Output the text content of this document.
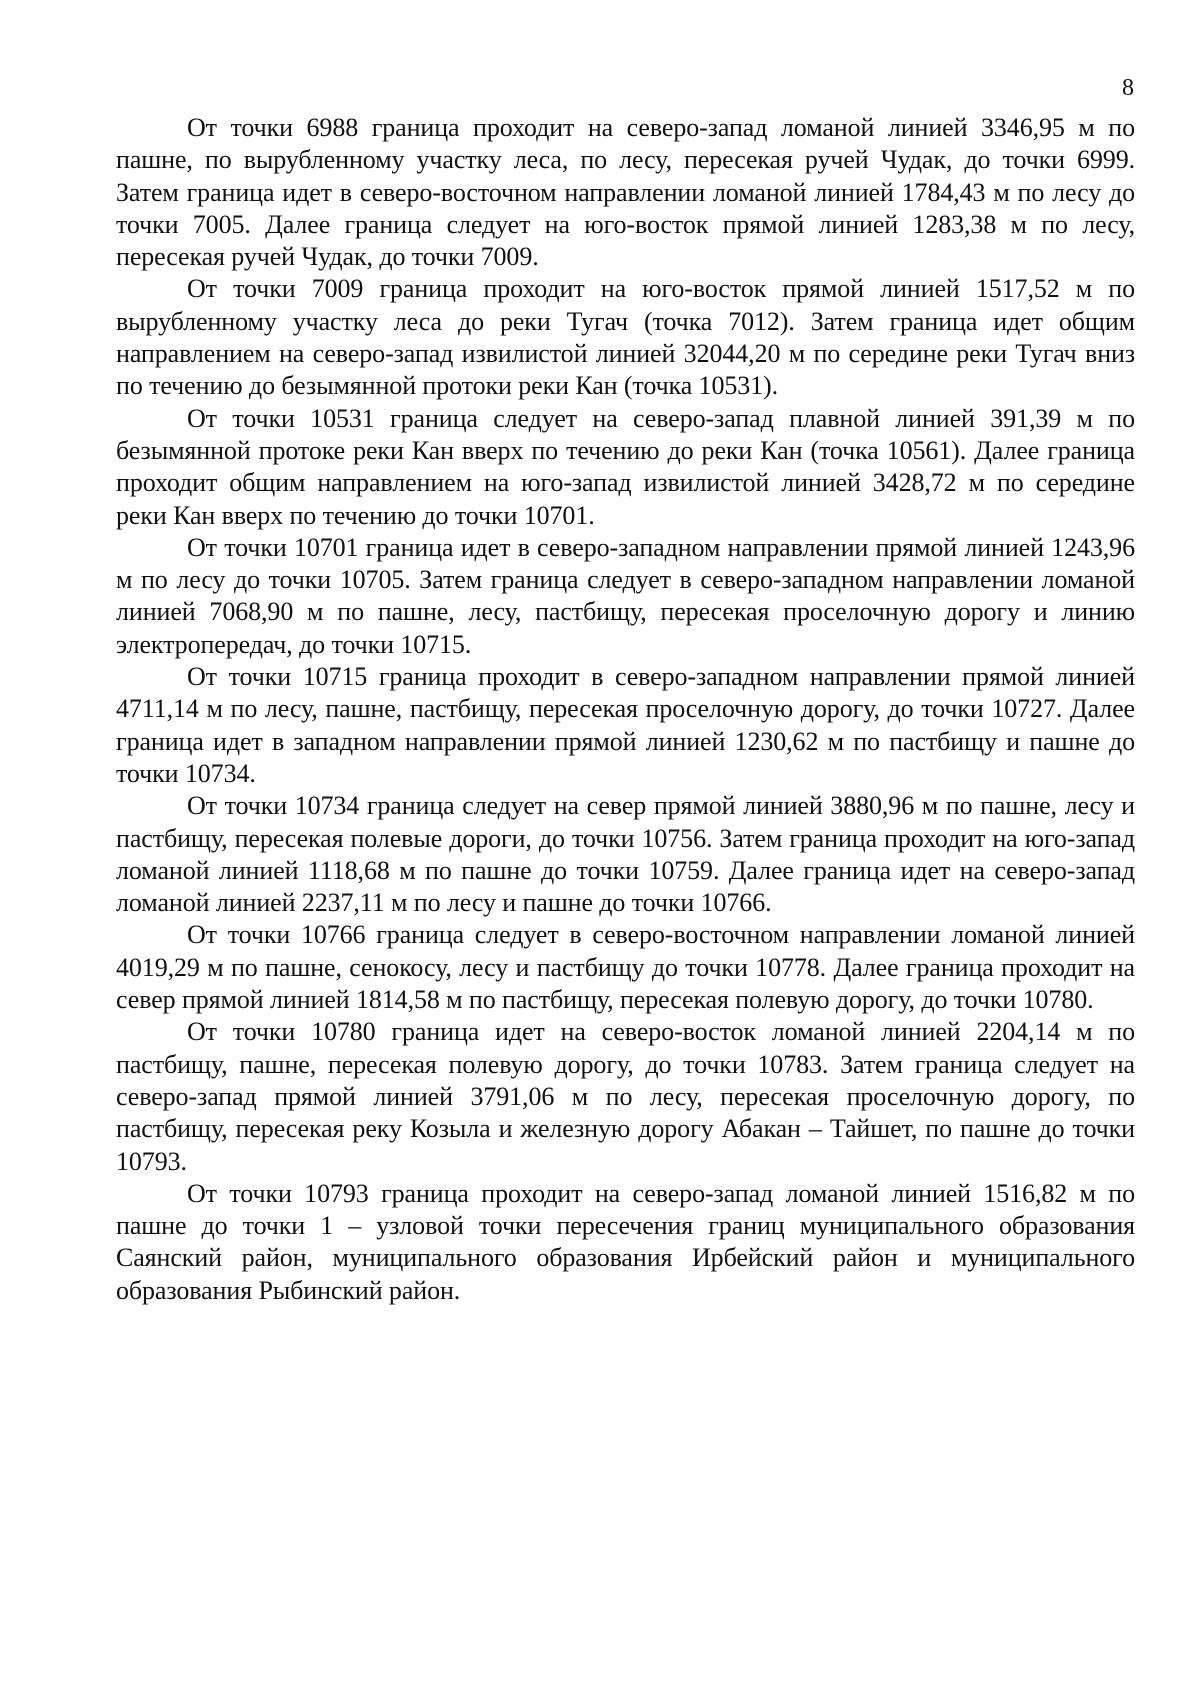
8

От точки 6988 граница проходит на северо-запад ломаной линией 3346,95 м по пашне, по вырубленному участку леса, по лесу, пересекая ручей Чудак, до точки 6999. Затем граница идет в северо-восточном направлении ломаной линией 1784,43 м по лесу до точки 7005. Далее граница следует на юго-восток прямой линией 1283,38 м по лесу, пересекая ручей Чудак, до точки 7009.

От точки 7009 граница проходит на юго-восток прямой линией 1517,52 м по вырубленному участку леса до реки Тугач (точка 7012). Затем граница идет общим направлением на северо-запад извилистой линией 32044,20 м по середине реки Тугач вниз по течению до безымянной протоки реки Кан (точка 10531).

От точки 10531 граница следует на северо-запад плавной линией 391,39 м по безымянной протоке реки Кан вверх по течению до реки Кан (точка 10561). Далее граница проходит общим направлением на юго-запад извилистой линией 3428,72 м по середине реки Кан вверх по течению до точки 10701.

От точки 10701 граница идет в северо-западном направлении прямой линией 1243,96 м по лесу до точки 10705. Затем граница следует в северо-западном направлении ломаной линией 7068,90 м по пашне, лесу, пастбищу, пересекая проселочную дорогу и линию электропередач, до точки 10715.

От точки 10715 граница проходит в северо-западном направлении прямой линией 4711,14 м по лесу, пашне, пастбищу, пересекая проселочную дорогу, до точки 10727. Далее граница идет в западном направлении прямой линией 1230,62 м по пастбищу и пашне до точки 10734.

От точки 10734 граница следует на север прямой линией 3880,96 м по пашне, лесу и пастбищу, пересекая полевые дороги, до точки 10756. Затем граница проходит на юго-запад ломаной линией 1118,68 м по пашне до точки 10759. Далее граница идет на северо-запад ломаной линией 2237,11 м по лесу и пашне до точки 10766.

От точки 10766 граница следует в северо-восточном направлении ломаной линией 4019,29 м по пашне, сенокосу, лесу и пастбищу до точки 10778. Далее граница проходит на север прямой линией 1814,58 м по пастбищу, пересекая полевую дорогу, до точки 10780.

От точки 10780 граница идет на северо-восток ломаной линией 2204,14 м по пастбищу, пашне, пересекая полевую дорогу, до точки 10783. Затем граница следует на северо-запад прямой линией 3791,06 м по лесу, пересекая проселочную дорогу, по пастбищу, пересекая реку Козыла и железную дорогу Абакан – Тайшет, по пашне до точки 10793.

От точки 10793 граница проходит на северо-запад ломаной линией 1516,82 м по пашне до точки 1 – узловой точки пересечения границ муниципального образования Саянский район, муниципального образования Ирбейский район и муниципального образования Рыбинский район.
